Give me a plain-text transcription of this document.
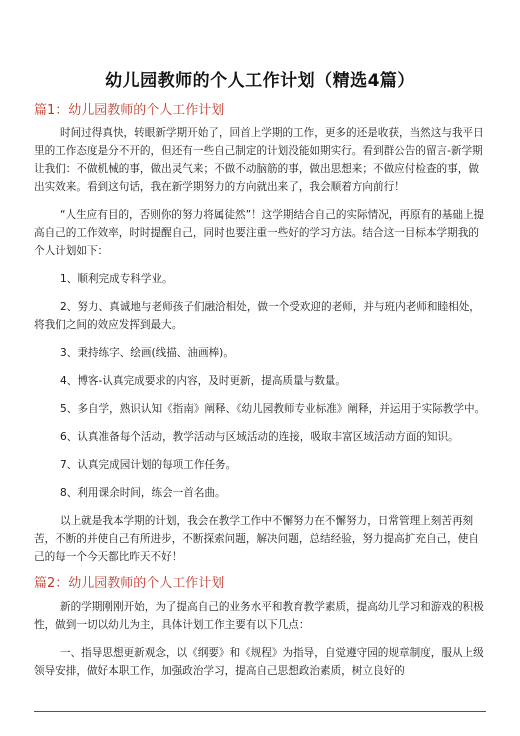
幼儿园教师的个人工作计划（精选4篇）
篇1：幼儿园教师的个人工作计划

时间过得真快，转眼新学期开始了，回首上学期的工作，更多的还是收获，当然这与我平日里的工作态度是分不开的，但还有一些自己制定的计划没能如期实行。看到群公告的留言-新学期让我们：不做机械的事，做出灵气来；不做不动脑筋的事，做出思想来；不做应付检查的事，做出实效来。看到这句话，我在新学期努力的方向就出来了，我会顺着方向前行！

“人生应有目的，否则你的努力将属徒然”！这学期结合自己的实际情况，再原有的基础上提高自己的工作效率，时时提醒自己，同时也要注重一些好的学习方法。结合这一目标本学期我的个人计划如下：

1、顺利完成专科学业。

2、努力、真诚地与老师孩子们融洽相处，做一个受欢迎的老师，并与班内老师和睦相处，将我们之间的效应发挥到最大。

3、秉持练字、绘画(线描、油画棒)。

4、博客-认真完成要求的内容，及时更新，提高质量与数量。

5、多自学，熟识认知《指南》阐释、《幼儿园教师专业标准》阐释，并运用于实际教学中。

6、认真准备每个活动，教学活动与区域活动的连接，吸取丰富区域活动方面的知识。

7、认真完成园计划的每项工作任务。

8、利用课余时间，练会一首名曲。

以上就是我本学期的计划，我会在教学工作中不懈努力在不懈努力，日常管理上刻苦再刻苦，不断的并使自己有所进步，不断探索问题，解决问题，总结经验，努力提高扩充自己，使自己的每一个今天都比昨天不好！

篇2：幼儿园教师的个人工作计划

新的学期刚刚开始，为了提高自己的业务水平和教育教学素质，提高幼儿学习和游戏的积极性，做到一切以幼儿为主，具体计划工作主要有以下几点：

一、指导思想更新观念，以《纲要》和《规程》为指导，自觉遵守园的规章制度，服从上级领导安排，做好本职工作，加强政治学习，提高自己思想政治素质，树立良好的
